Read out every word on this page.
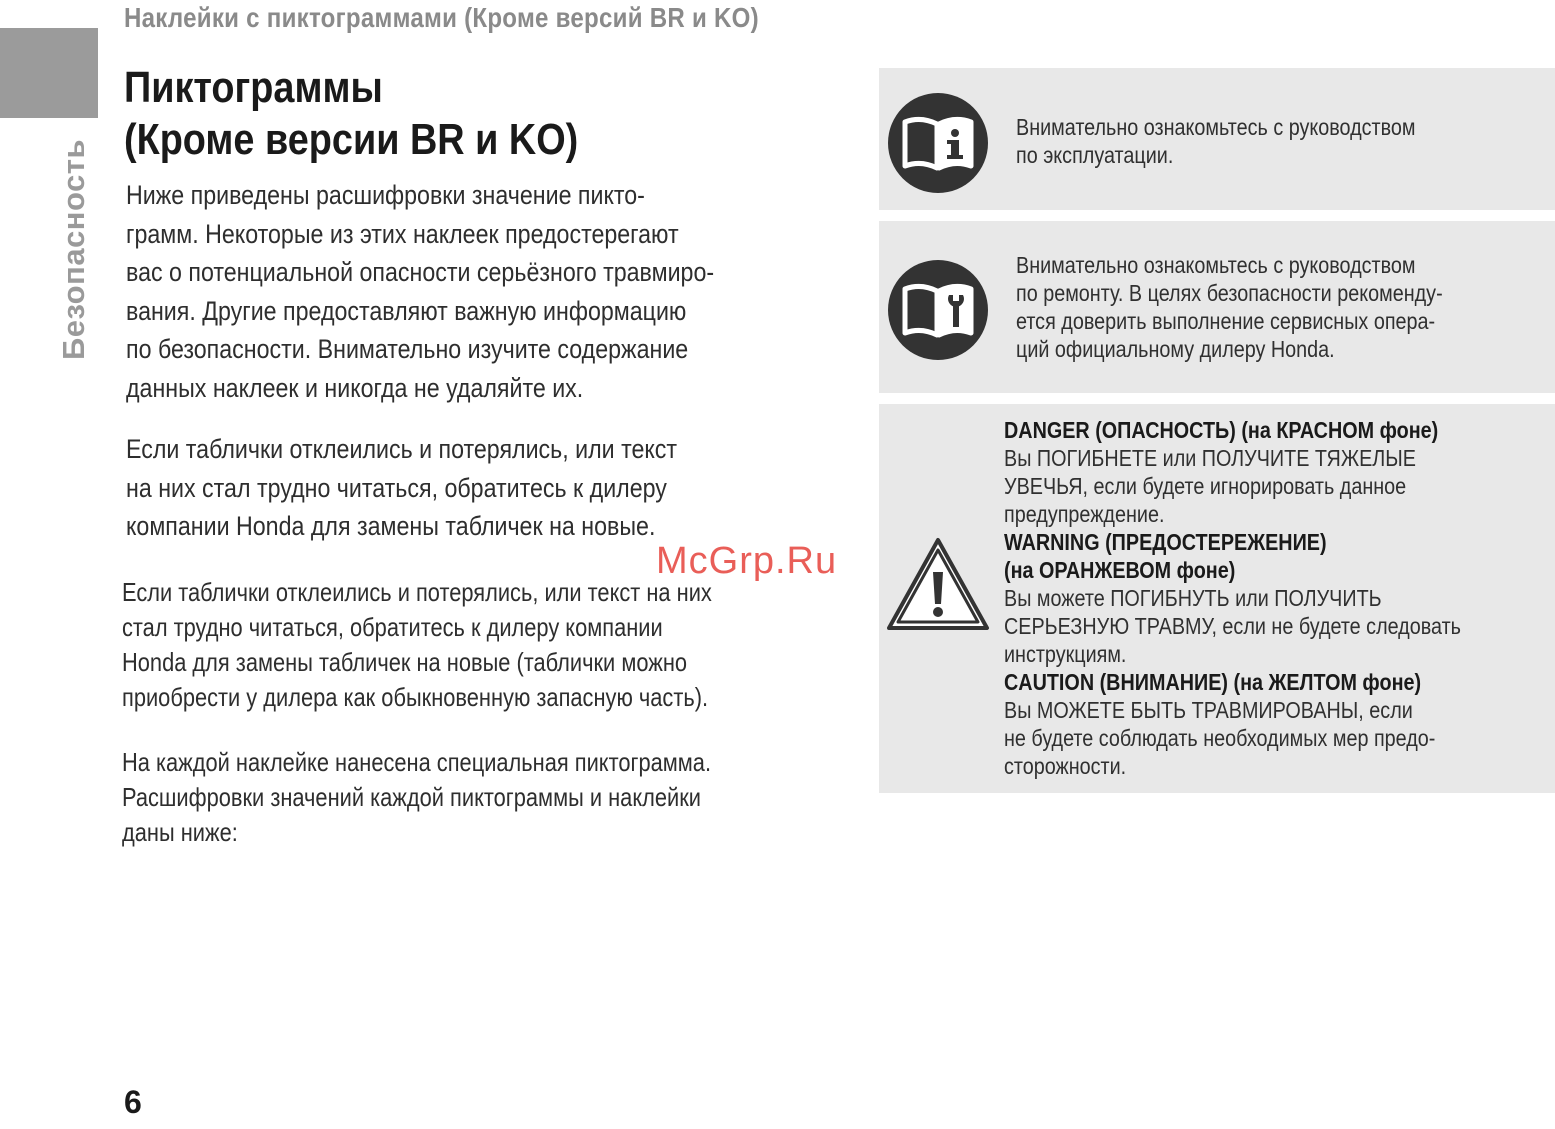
Наклейки с пиктограммами (Кроме версий BR и KO)
Безопасность
Пиктограммы
(Кроме версии BR и KO)
Ниже приведены расшифровки значение пикто-
грамм. Некоторые из этих наклеек предостерегают
вас о потенциальной опасности серьёзного травмиро-
вания. Другие предоставляют важную информацию
по безопасности. Внимательно изучите содержание
данных наклеек и никогда не удаляйте их.
Если таблички отклеились и потерялись, или текст
на них стал трудно читаться, обратитесь к дилеру
компании Honda для замены табличек на новые.
Если таблички отклеились и потерялись, или текст на них
стал трудно читаться, обратитесь к дилеру компании
Honda для замены табличек на новые (таблички можно
приобрести у дилера как обыкновенную запасную часть).
На каждой наклейке нанесена специальная пиктограмма.
Расшифровки значений каждой пиктограммы и наклейки
даны ниже:
McGrp.Ru
6
Внимательно ознакомьтесь с руководством
по эксплуатации.
Внимательно ознакомьтесь с руководством
по ремонту. В целях безопасности рекоменду-
ется доверить выполнение сервисных опера-
ций официальному дилеру Honda.
DANGER (ОПАСНОСТЬ) (на КРАСНОМ фоне)
Вы ПОГИБНЕТЕ или ПОЛУЧИТЕ ТЯЖЕЛЫЕ
УВЕЧЬЯ, если будете игнорировать данное
предупреждение.
WARNING (ПРЕДОСТЕРЕЖЕНИЕ)
(на ОРАНЖЕВОМ фоне)
Вы можете ПОГИБНУТЬ или ПОЛУЧИТЬ
СЕРЬЕЗНУЮ ТРАВМУ, если не будете следовать
инструкциям.
CAUTION (ВНИМАНИЕ) (на ЖЕЛТОМ фоне)
Вы МОЖЕТЕ БЫТЬ ТРАВМИРОВАНЫ, если
не будете соблюдать необходимых мер предо-
сторожности.
